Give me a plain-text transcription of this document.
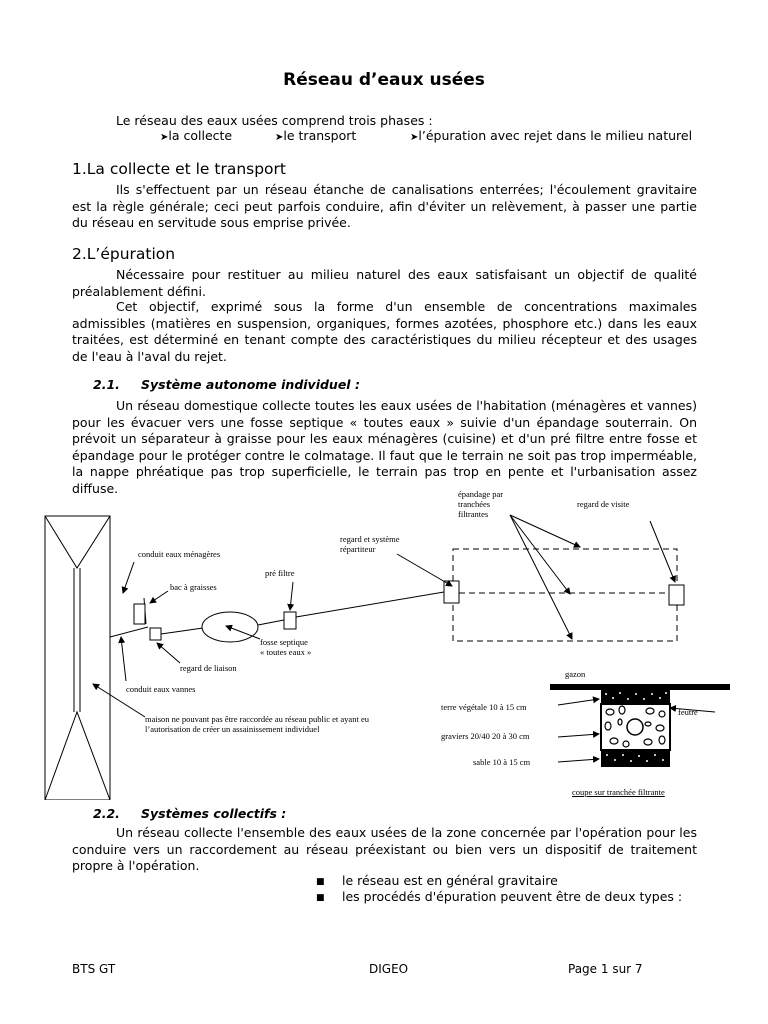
Réseau d’eaux usées
Le réseau des eaux usées comprend trois phases :
➤la collecte	➤le transport	➤l’épuration avec rejet dans le milieu naturel
1.La collecte et le transport
Ils s'effectuent par un réseau étanche de canalisations enterrées; l'écoulement gravitaire est la règle générale; ceci peut parfois conduire, afin d'éviter un relèvement, à passer une partie du réseau en servitude sous emprise privée.
2.L’épuration
Nécessaire pour restituer au milieu naturel des eaux satisfaisant un objectif de qualité préalablement défini.
Cet objectif, exprimé sous la forme d'un ensemble de concentrations maximales admissibles (matières en suspension, organiques, formes azotées, phosphore etc.) dans les eaux traitées, est déterminé en tenant compte des caractéristiques du milieu récepteur et des usages de l'eau à l'aval du rejet.
2.1. Système autonome individuel :
Un réseau domestique collecte toutes les eaux usées de l'habitation (ménagères et vannes) pour les évacuer vers une fosse septique « toutes eaux » suivie d'un épandage souterrain. On prévoit un séparateur à graisse pour les eaux ménagères (cuisine) et d'un pré filtre entre fosse et épandage pour le protéger contre le colmatage. Il faut que le terrain ne soit pas trop imperméable, la nappe phréatique pas trop superficielle, le terrain pas trop en pente et l'urbanisation assez diffuse.
conduit eaux ménagères
bac à graisses
pré filtre
regard et système
répartiteur
épandage par
tranchées
filtrantes
regard de visite
fosse septique
« toutes eaux »
regard de liaison
conduit eaux vannes
maison ne pouvant pas être raccordée au réseau public et ayant eu
l’autorisation de créer un assainissement individuel
gazon
terre végétale 10 à 15 cm	feutre
graviers 20/40 20 à 30 cm
sable 10 à 15 cm
coupe sur tranchée filtrante
2.2. Systèmes collectifs :
Un réseau collecte l'ensemble des eaux usées de la zone concernée par l'opération pour les conduire vers un raccordement au réseau préexistant ou bien vers un dispositif de traitement propre à l'opération.
■ le réseau est en général gravitaire
■ les procédés d'épuration peuvent être de deux types :
BTS GT	DIGEO	Page 1 sur 7
